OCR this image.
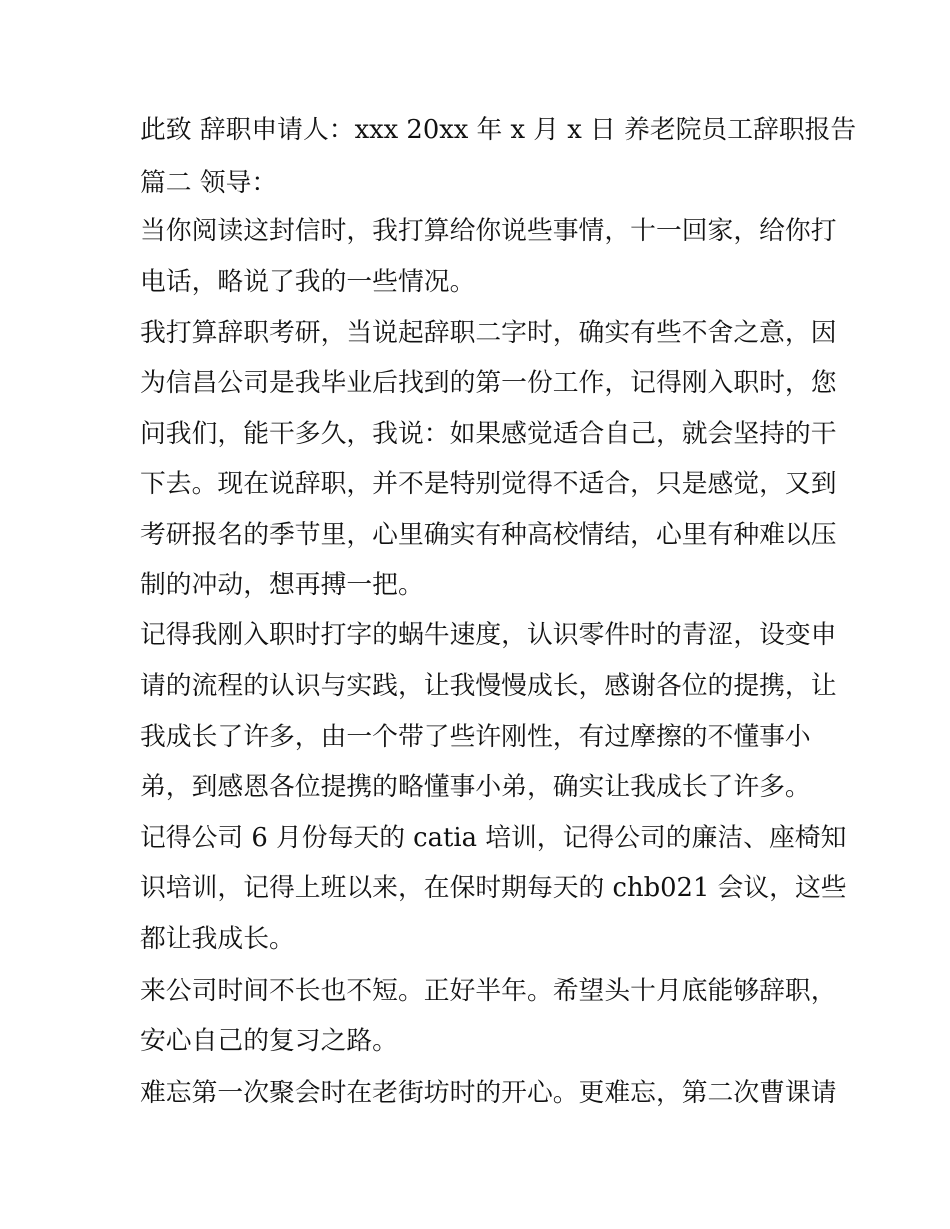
此致 辞职申请人：xxx 20xx 年 x 月 x 日 养老院员工辞职报告
篇二 领导：
当你阅读这封信时，我打算给你说些事情，十一回家，给你打
电话，略说了我的一些情况。
我打算辞职考研，当说起辞职二字时，确实有些不舍之意，因
为信昌公司是我毕业后找到的第一份工作，记得刚入职时，您
问我们，能干多久，我说：如果感觉适合自己，就会坚持的干
下去。现在说辞职，并不是特别觉得不适合，只是感觉，又到
考研报名的季节里，心里确实有种高校情结，心里有种难以压
制的冲动，想再搏一把。
记得我刚入职时打字的蜗牛速度，认识零件时的青涩，设变申
请的流程的认识与实践，让我慢慢成长，感谢各位的提携，让
我成长了许多，由一个带了些许刚性，有过摩擦的不懂事小
弟，到感恩各位提携的略懂事小弟，确实让我成长了许多。
记得公司 6 月份每天的 catia 培训，记得公司的廉洁、座椅知
识培训，记得上班以来，在保时期每天的 chb021 会议，这些
都让我成长。
来公司时间不长也不短。正好半年。希望头十月底能够辞职，
安心自己的复习之路。
难忘第一次聚会时在老街坊时的开心。更难忘，第二次曹课请
